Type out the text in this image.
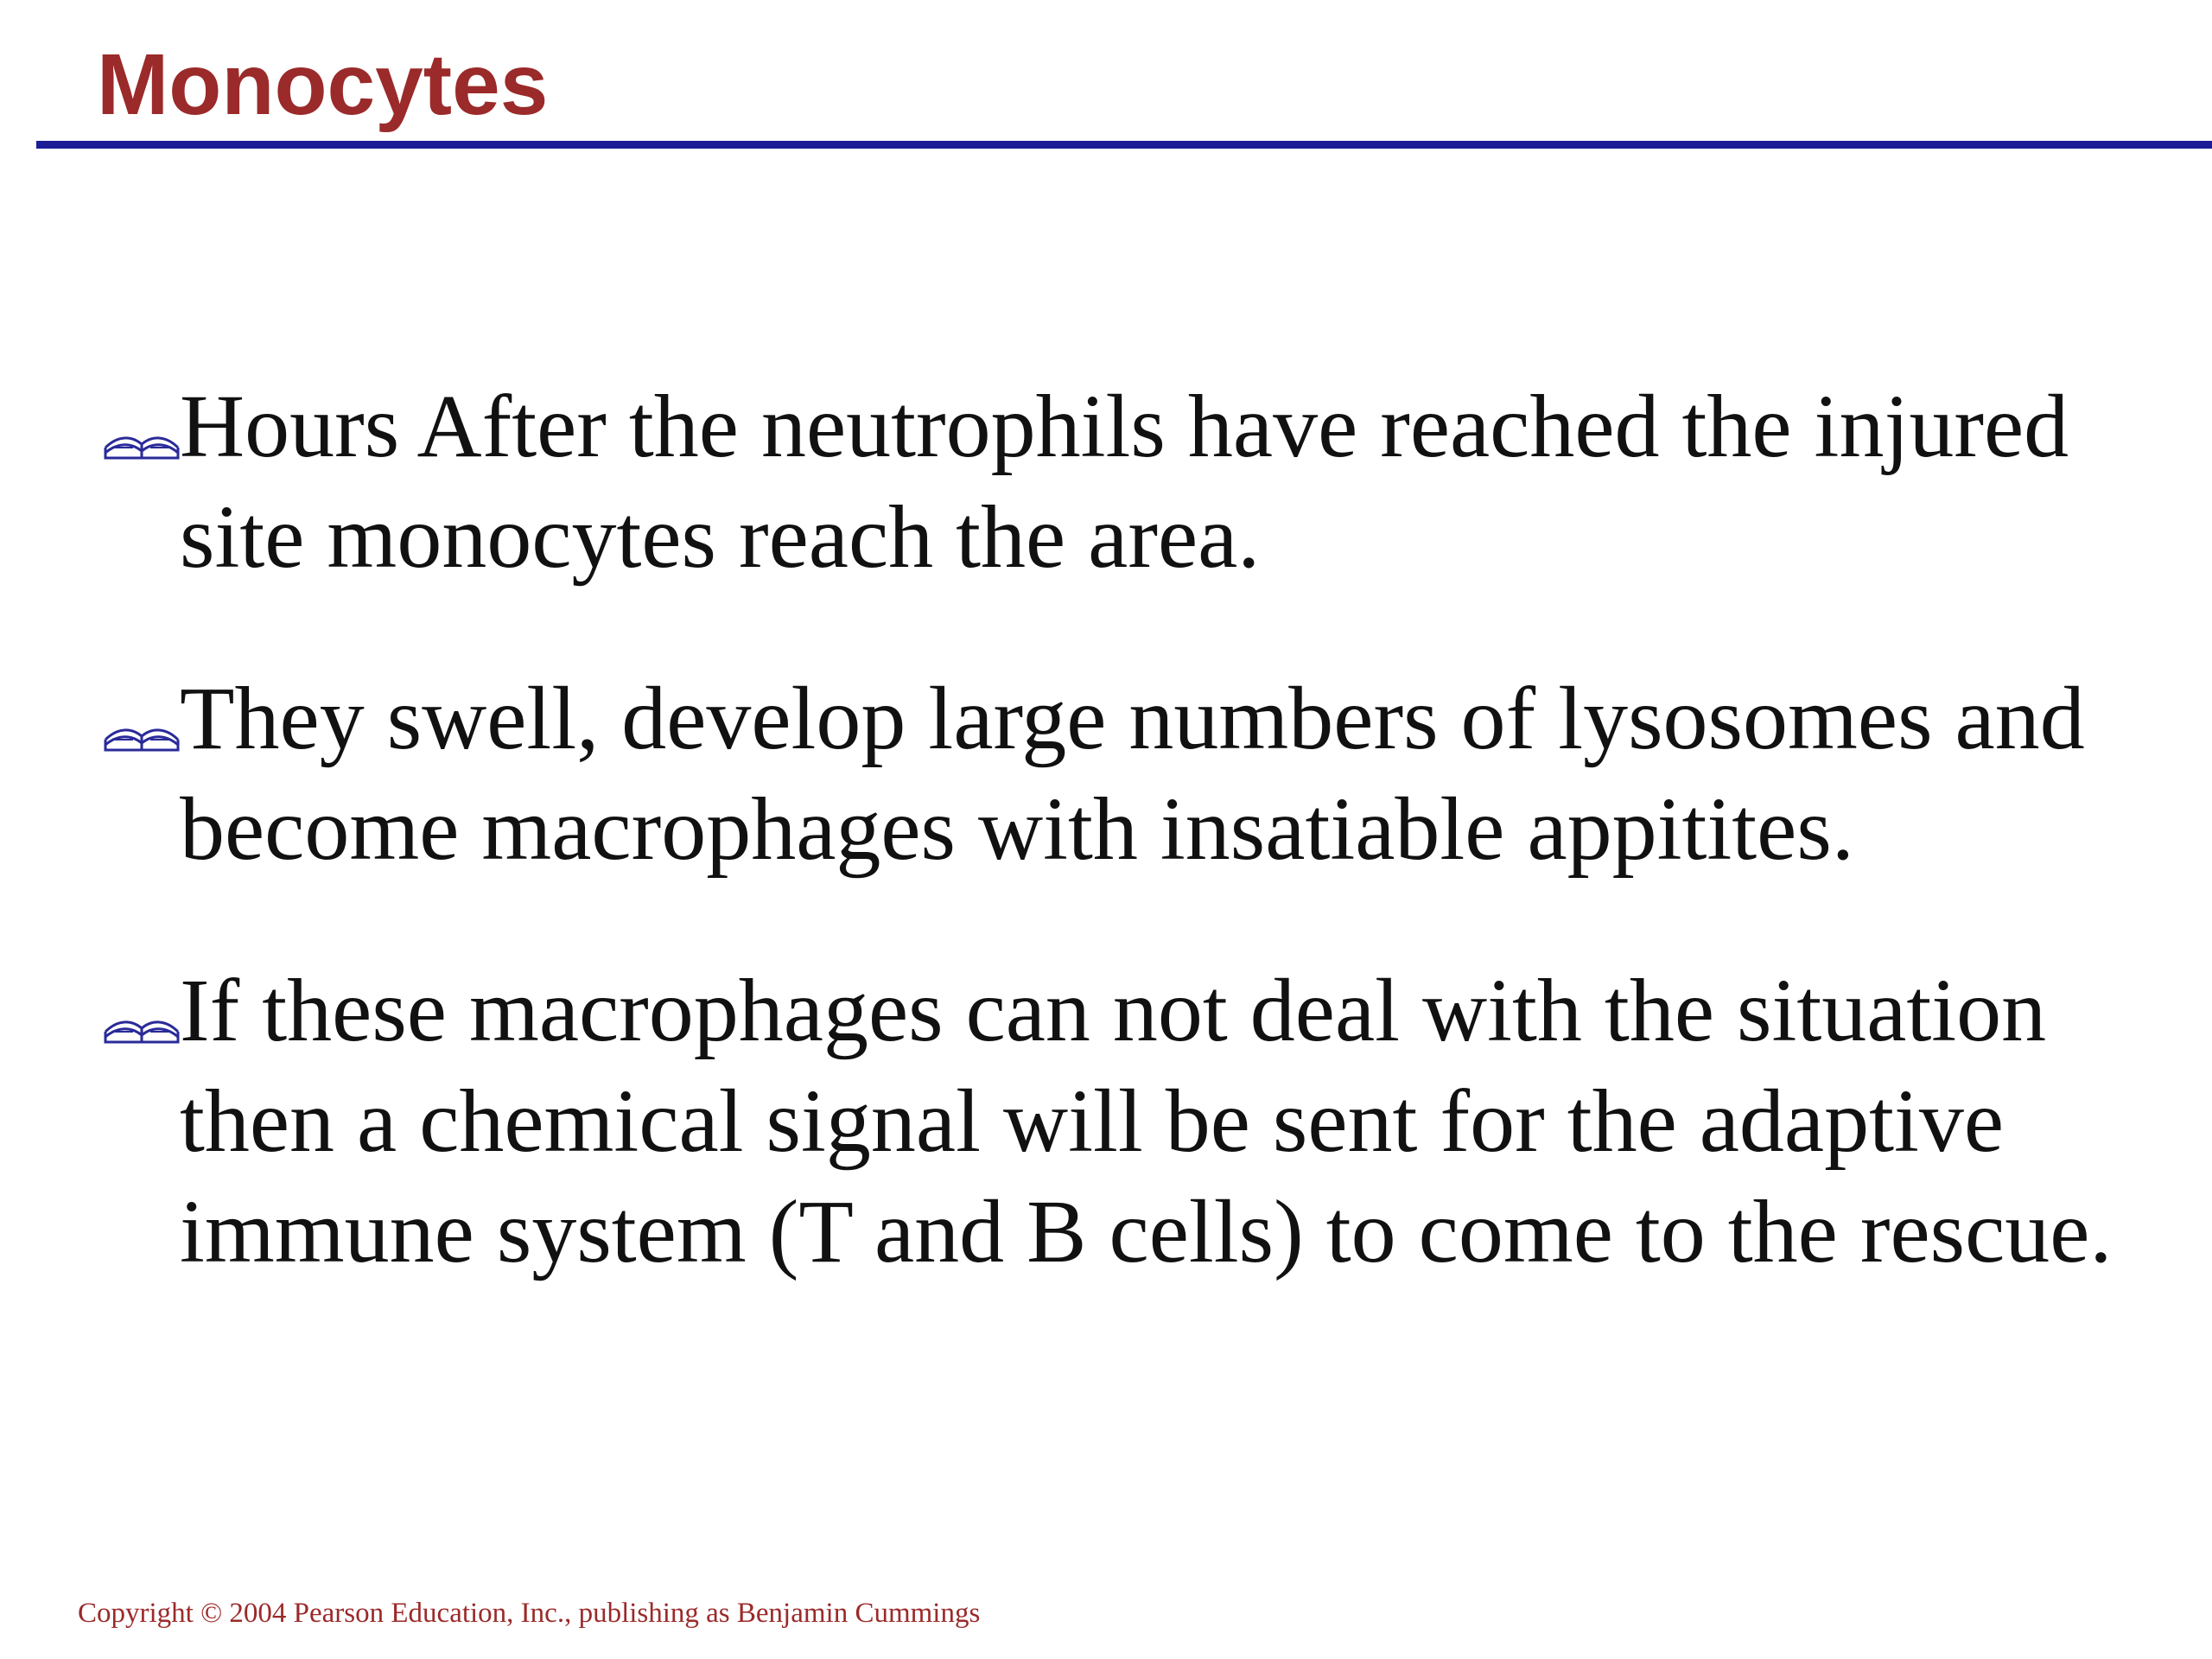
Monocytes
Hours After the neutrophils have reached the injured site monocytes reach the area.
They swell, develop large numbers of lysosomes and become macrophages with insatiable appitites.
If these macrophages can not deal with the situation then a chemical signal will be sent for the adaptive immune system (T and B cells) to come to the rescue.
Copyright © 2004 Pearson Education, Inc., publishing as Benjamin Cummings
